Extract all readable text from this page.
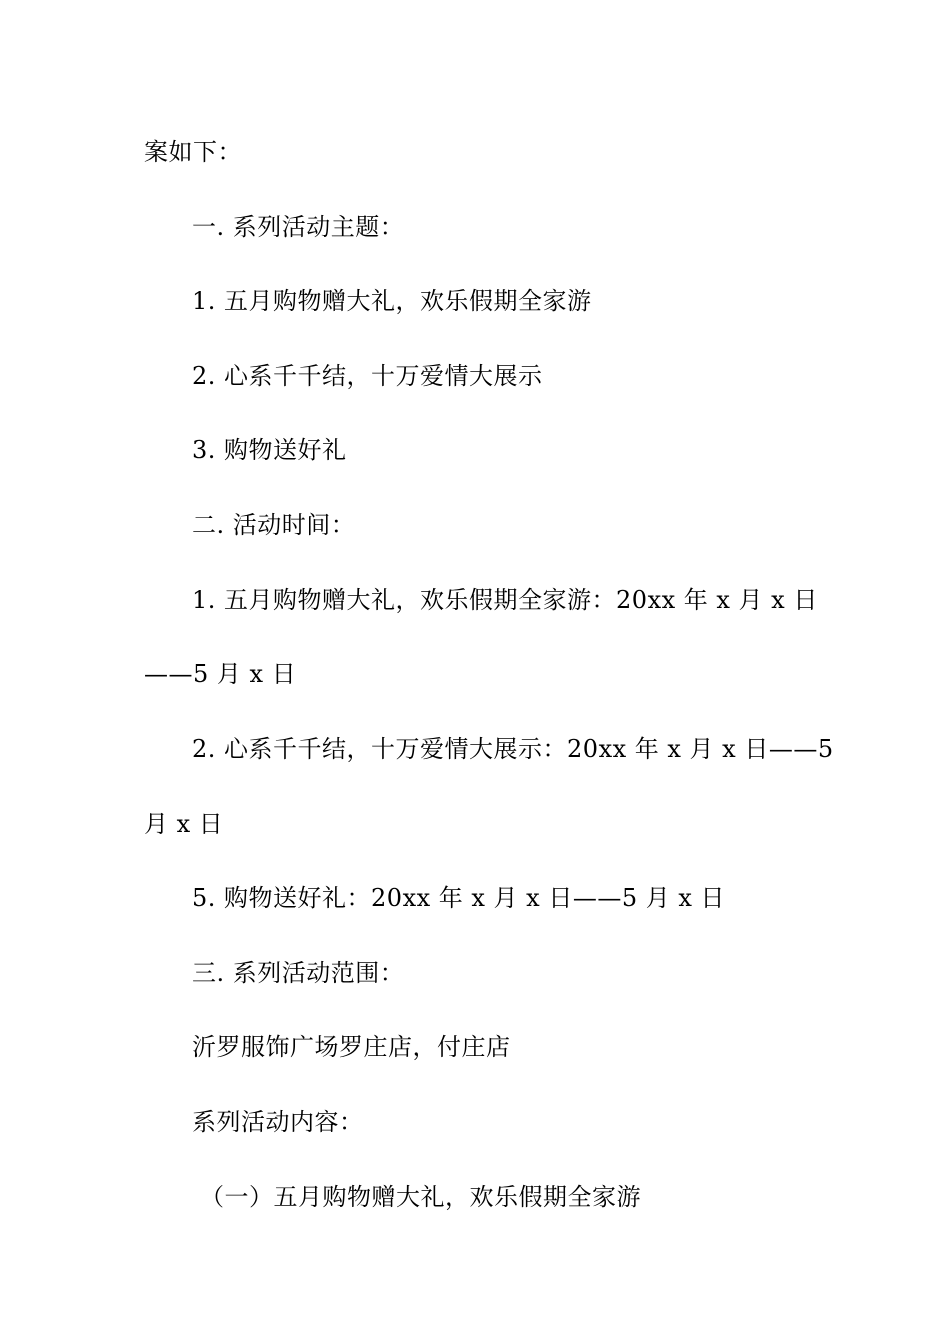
案如下：
一. 系列活动主题：
1. 五月购物赠大礼，欢乐假期全家游
2. 心系千千结，十万爱情大展示
3. 购物送好礼
二. 活动时间：
1. 五月购物赠大礼，欢乐假期全家游：20xx 年 x 月 x 日
——5 月 x 日
2. 心系千千结，十万爱情大展示：20xx 年 x 月 x 日——5
月 x 日
5. 购物送好礼：20xx 年 x 月 x 日——5 月 x 日
三. 系列活动范围：
沂罗服饰广场罗庄店，付庄店
系列活动内容：
（一）五月购物赠大礼，欢乐假期全家游
